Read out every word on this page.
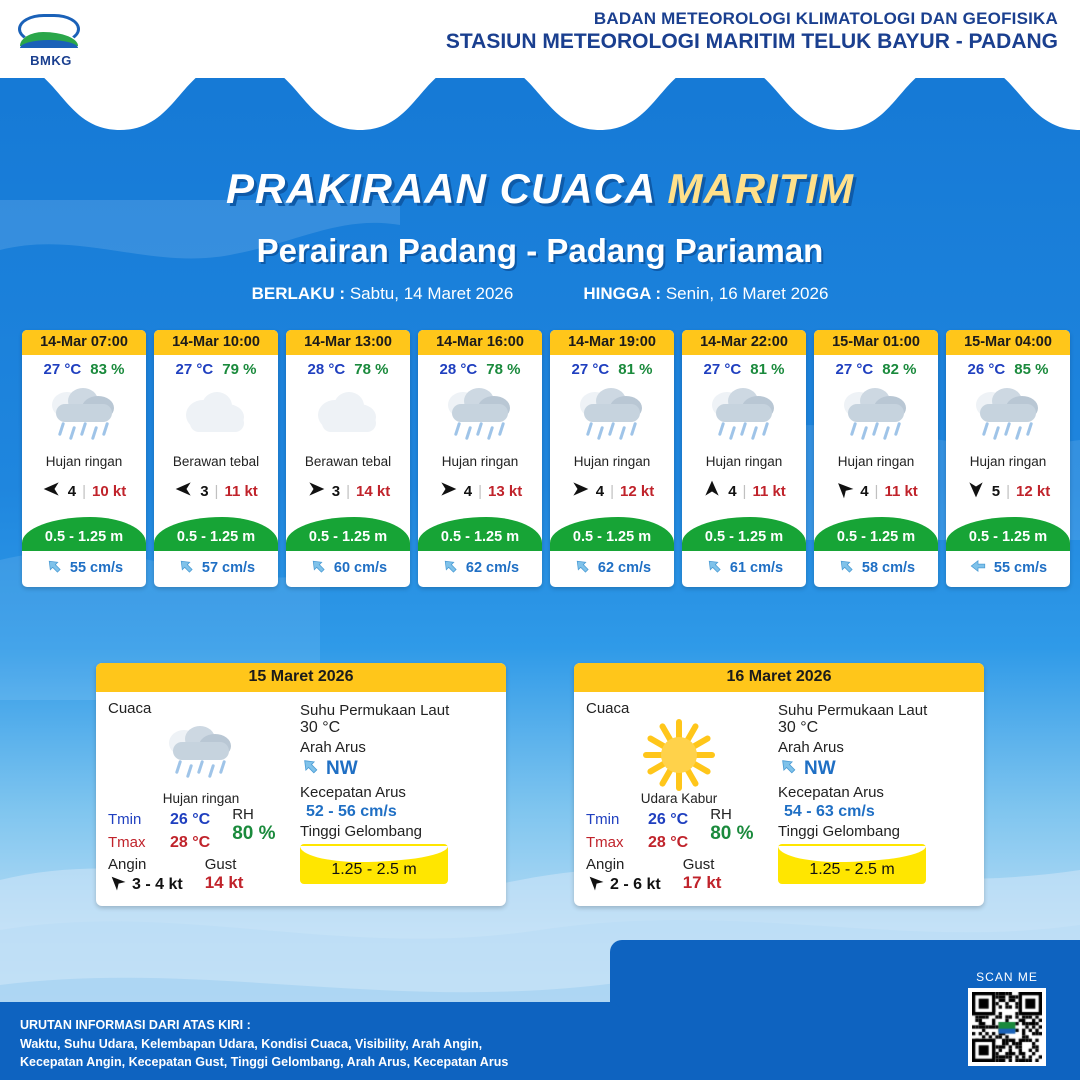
BMKG
BADAN METEOROLOGI KLIMATOLOGI DAN GEOFISIKA
STASIUN METEOROLOGI MARITIM TELUK BAYUR - PADANG
PRAKIRAAN CUACA MARITIM
Perairan Padang - Padang Pariaman
BERLAKU : Sabtu, 14 Maret 2026	HINGGA : Senin, 16 Maret 2026
14-Mar 07:00
27 °C 83 %
Hujan ringan
4 | 10 kt
0.5 - 1.25 m
55 cm/s
14-Mar 10:00
27 °C 79 %
Berawan tebal
3 | 11 kt
0.5 - 1.25 m
57 cm/s
14-Mar 13:00
28 °C 78 %
Berawan tebal
3 | 14 kt
0.5 - 1.25 m
60 cm/s
14-Mar 16:00
28 °C 78 %
Hujan ringan
4 | 13 kt
0.5 - 1.25 m
62 cm/s
14-Mar 19:00
27 °C 81 %
Hujan ringan
4 | 12 kt
0.5 - 1.25 m
62 cm/s
14-Mar 22:00
27 °C 81 %
Hujan ringan
4 | 11 kt
0.5 - 1.25 m
61 cm/s
15-Mar 01:00
27 °C 82 %
Hujan ringan
4 | 11 kt
0.5 - 1.25 m
58 cm/s
15-Mar 04:00
26 °C 85 %
Hujan ringan
5 | 12 kt
0.5 - 1.25 m
55 cm/s
15 Maret 2026
Cuaca
Hujan ringan
Tmin	26 °C
Tmax	28 °C
RH
80 %
Angin
3 - 4 kt
Gust
14 kt
Suhu Permukaan Laut
30 °C
Arah Arus
NW
Kecepatan Arus
52 - 56 cm/s
Tinggi Gelombang
1.25 - 2.5 m
16 Maret 2026
Cuaca
Udara Kabur
Tmin	26 °C
Tmax	28 °C
RH
80 %
Angin
2 - 6 kt
Gust
17 kt
Suhu Permukaan Laut
30 °C
Arah Arus
NW
Kecepatan Arus
54 - 63 cm/s
Tinggi Gelombang
1.25 - 2.5 m
URUTAN INFORMASI DARI ATAS KIRI :
Waktu, Suhu Udara, Kelembapan Udara, Kondisi Cuaca, Visibility, Arah Angin,
Kecepatan Angin, Kecepatan Gust, Tinggi Gelombang, Arah Arus, Kecepatan Arus
SCAN ME
